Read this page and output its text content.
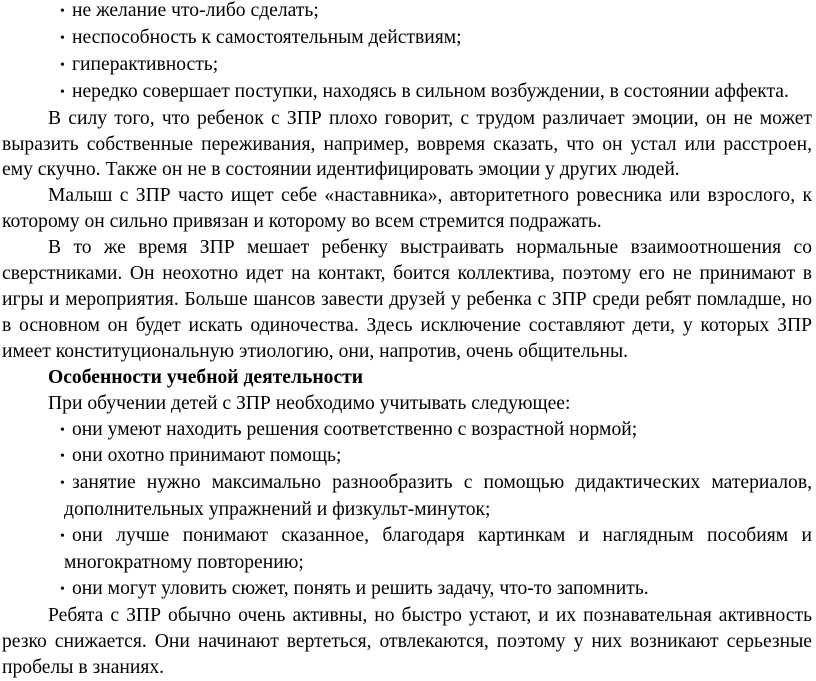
• не желание что-либо сделать;

• неспособность к самостоятельным действиям;

• гиперактивность;

• нередко совершает поступки, находясь в сильном возбуждении, в состоянии аффекта.

В силу того, что ребенок с ЗПР плохо говорит, с трудом различает эмоции, он не может выразить собственные переживания, например, вовремя сказать, что он устал или расстроен, ему скучно. Также он не в состоянии идентифицировать эмоции у других людей.

Малыш с ЗПР часто ищет себе «наставника», авторитетного ровесника или взрослого, к которому он сильно привязан и которому во всем стремится подражать.

В то же время ЗПР мешает ребенку выстраивать нормальные взаимоотношения со сверстниками. Он неохотно идет на контакт, боится коллектива, поэтому его не принимают в игры и мероприятия. Больше шансов завести друзей у ребенка с ЗПР среди ребят помладше, но в основном он будет искать одиночества. Здесь исключение составляют дети, у которых ЗПР имеет конституциональную этиологию, они, напротив, очень общительны.

Особенности учебной деятельности

При обучении детей с ЗПР необходимо учитывать следующее:

• они умеют находить решения соответственно с возрастной нормой;

• они охотно принимают помощь;

• занятие нужно максимально разнообразить с помощью дидактических материалов, дополнительных упражнений и физкульт-минуток;

• они лучше понимают сказанное, благодаря картинкам и наглядным пособиям и многократному повторению;

• они могут уловить сюжет, понять и решить задачу, что-то запомнить.

Ребята с ЗПР обычно очень активны, но быстро устают, и их познавательная активность резко снижается. Они начинают вертеться, отвлекаются, поэтому у них возникают серьезные пробелы в знаниях.
